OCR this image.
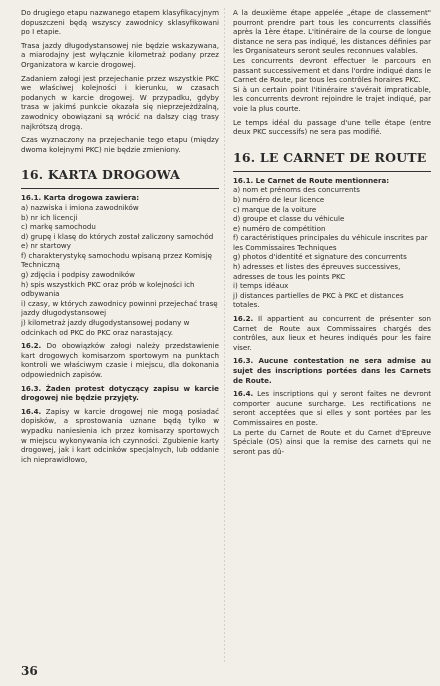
Do drugiego etapu nazwanego etapem klasyfikacyjnym dopuszczeni będą wszyscy zawodnicy sklasyfikowani po I etapie.

Trasa jazdy długodystansowej nie będzie wskazywana, a miarodajny jest wyłącznie kilometraż podany przez Organizatora w karcie drogowej.

Zadaniem załogi jest przejechanie przez wszystkie PKC we właściwej kolejności i kierunku, w czasach podanych w karcie drogowej. W przypadku, gdyby trasa w jakimś punkcie okazała się nieprzejeżdżalną, zawodnicy obowiązani są wrócić na dalszy ciąg trasy najkrótszą drogą.

Czas wyznaczony na przejechanie tego etapu (między dwoma kolejnymi PKC) nie będzie zmieniony.

16. KARTA DROGOWA

16.1. Karta drogowa zawiera:

a) nazwiska i imiona zawodników

b) nr ich licencji

c) markę samochodu

d) grupę i klasę do których został zaliczony samochód

e) nr startowy

f) charakterystykę samochodu wpisaną przez Komisję Techniczną

g) zdjęcia i podpisy zawodników

h) spis wszystkich PKC oraz prób w kolejności ich odbywania

i) czasy, w których zawodnicy powinni przejechać trasę jazdy długodystansowej

j) kilometraż jazdy długodystansowej podany w odcinkach od PKC do PKC oraz narastający.

16.2. Do obowiązków załogi należy przedstawienie kart drogowych komisarzom sportowym na punktach kontroli we właściwym czasie i miejscu, dla dokonania odpowiednich zapisów.

16.3. Żaden protest dotyczący zapisu w karcie drogowej nie będzie przyjęty.

16.4. Zapisy w karcie drogowej nie mogą posiadać dopisków, a sprostowania uznane będą tylko w wypadku naniesienia ich przez komisarzy sportowych w miejscu wykonywania ich czynności. Zgubienie karty drogowej, jak i kart odcinków specjalnych, lub oddanie ich nieprawidłowo,

A la deuxième étape appelée „étape de classement" pourront prendre part tous les concurrents classifiés après la 1ère étape. L'itinéraire de la course de longue distance ne sera pas indiqué, les distances définies par les Organisateurs seront seules reconnues valables.

Les concurrents devront effectuer le parcours en passant successivement et dans l'ordre indiqué dans le Carnet de Route, par tous les contrôles horaires PKC.

Si à un certain point l'itinéraire s'avérait impraticable, les concurrents devront rejoindre le trajet indiqué, par voie la plus courte.

Le temps idéal du passage d'une telle étape (entre deux PKC successifs) ne sera pas modifié.

16. LE CARNET DE ROUTE

16.1. Le Carnet de Route mentionnera:

a) nom et prénoms des concurrents

b) numéro de leur licence

c) marque de la voiture

d) groupe et classe du véhicule

e) numéro de compétition

f) caractéristiques principales du véhicule inscrites par les Commissaires Techniques

g) photos d'identité et signature des concurrents

h) adresses et listes des épreuves successives, adresses de tous les points PKC

i) temps idéaux

j) distances partielles de PKC à PKC et distances totales.

16.2. Il appartient au concurrent de présenter son Carnet de Route aux Commissaires chargés des contrôles, aux lieux et heures indiqués pour les faire viser.

16.3. Aucune contestation ne sera admise au sujet des inscriptions portées dans les Carnets de Route.

16.4. Les inscriptions qui y seront faites ne devront comporter aucune surcharge. Les rectifications ne seront acceptées que si elles y sont portées par les Commissaires en poste.

La perte du Carnet de Route et du Carnet d'Epreuve Spéciale (OS) ainsi que la remise des carnets qui ne seront pas dû-

36
